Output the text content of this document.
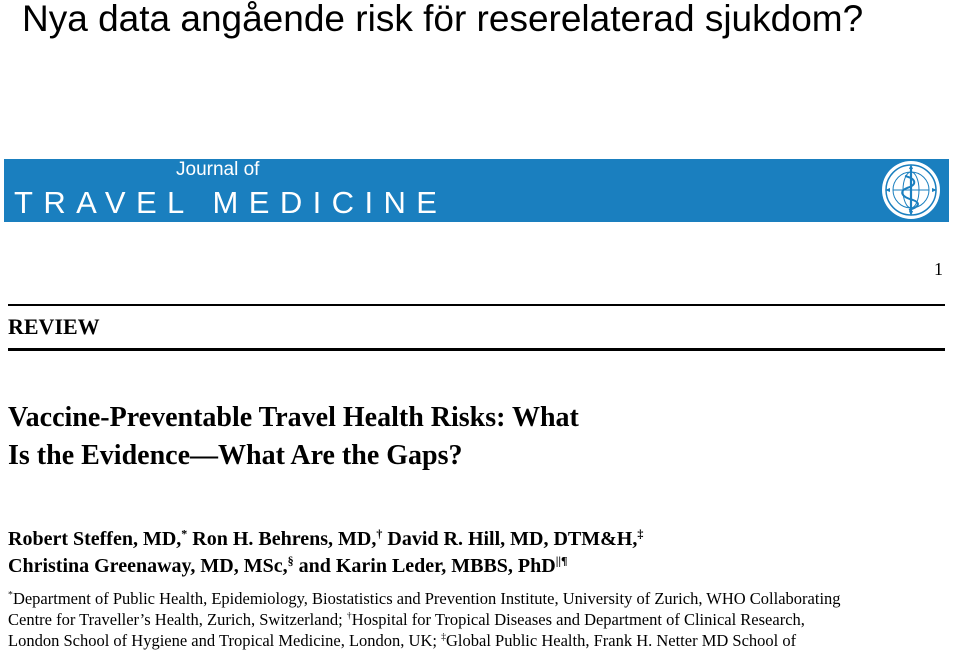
Nya data angående risk för reserelaterad sjukdom?
Journal of
TRAVEL MEDICINE
1
REVIEW
Vaccine-Preventable Travel Health Risks: What
Is the Evidence—What Are the Gaps?
Robert Steffen, MD,* Ron H. Behrens, MD,† David R. Hill, MD, DTM&H,‡
Christina Greenaway, MD, MSc,§ and Karin Leder, MBBS, PhD||¶
*Department of Public Health, Epidemiology, Biostatistics and Prevention Institute, University of Zurich, WHO Collaborating
Centre for Traveller’s Health, Zurich, Switzerland; †Hospital for Tropical Diseases and Department of Clinical Research,
London School of Hygiene and Tropical Medicine, London, UK; ‡Global Public Health, Frank H. Netter MD School of
